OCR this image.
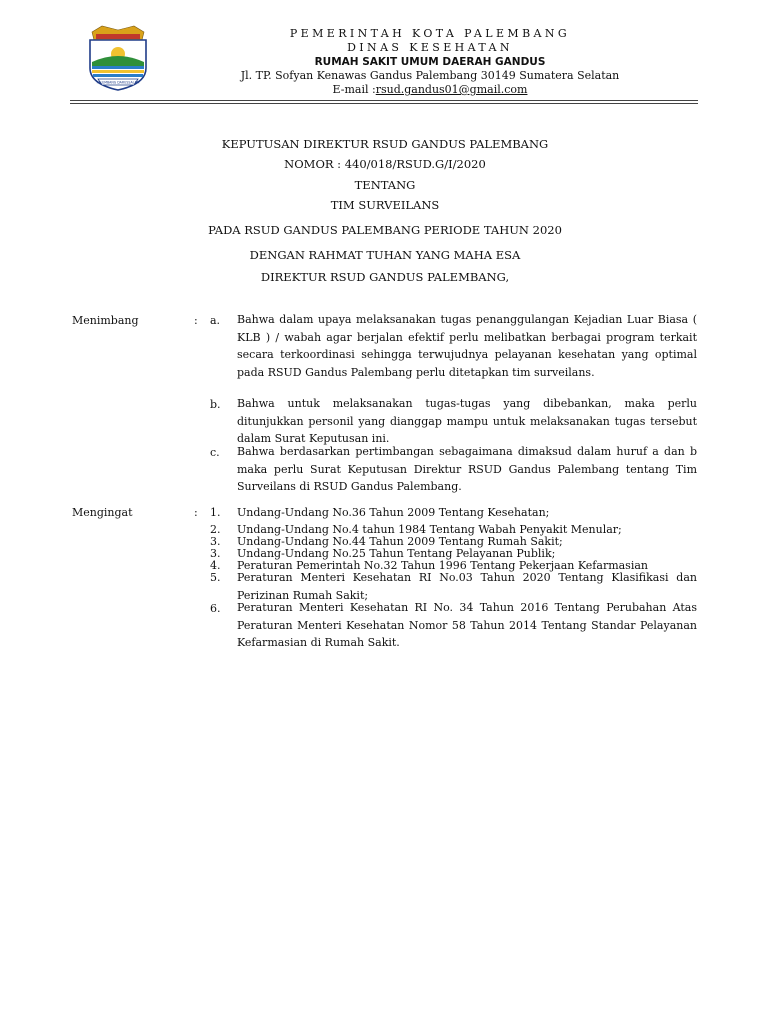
PALEMBANG DARUSSALAM
PEMERINTAH KOTA PALEMBANG
DINAS KESEHATAN
RUMAH SAKIT UMUM DAERAH GANDUS
Jl. TP. Sofyan Kenawas Gandus Palembang 30149 Sumatera Selatan
E-mail :rsud.gandus01@gmail.com
KEPUTUSAN DIREKTUR RSUD GANDUS PALEMBANG
NOMOR : 440/018/RSUD.G/I/2020
TENTANG
TIM SURVEILANS
PADA RSUD GANDUS PALEMBANG PERIODE TAHUN 2020
DENGAN RAHMAT TUHAN YANG MAHA ESA
DIREKTUR RSUD GANDUS PALEMBANG,
Menimbang	: a. Bahwa dalam upaya melaksanakan tugas penanggulangan Kejadian Luar Biasa ( KLB ) / wabah agar berjalan efektif perlu melibatkan berbagai program terkait secara terkoordinasi sehingga terwujudnya pelayanan kesehatan yang optimal pada RSUD Gandus Palembang perlu ditetapkan tim surveilans.
b. Bahwa untuk melaksanakan tugas-tugas yang dibebankan, maka perlu ditunjukkan personil yang dianggap mampu untuk melaksanakan tugas tersebut dalam Surat Keputusan ini.
c. Bahwa berdasarkan pertimbangan sebagaimana dimaksud dalam huruf a dan b maka perlu Surat Keputusan Direktur RSUD Gandus Palembang tentang Tim Surveilans di RSUD Gandus Palembang.
Mengingat	: 1. Undang-Undang No.36 Tahun 2009 Tentang Kesehatan;
2. Undang-Undang No.4 tahun 1984 Tentang Wabah Penyakit Menular;
3. Undang-Undang No.44 Tahun 2009 Tentang Rumah Sakit;
3. Undang-Undang No.25 Tahun Tentang Pelayanan Publik;
4. Peraturan Pemerintah No.32 Tahun 1996 Tentang Pekerjaan Kefarmasian
5. Peraturan Menteri Kesehatan RI No.03 Tahun 2020 Tentang Klasifikasi dan Perizinan Rumah Sakit;
6. Peraturan Menteri Kesehatan RI No. 34 Tahun 2016 Tentang Perubahan Atas Peraturan Menteri Kesehatan Nomor 58 Tahun 2014 Tentang Standar Pelayanan Kefarmasian di Rumah Sakit.
